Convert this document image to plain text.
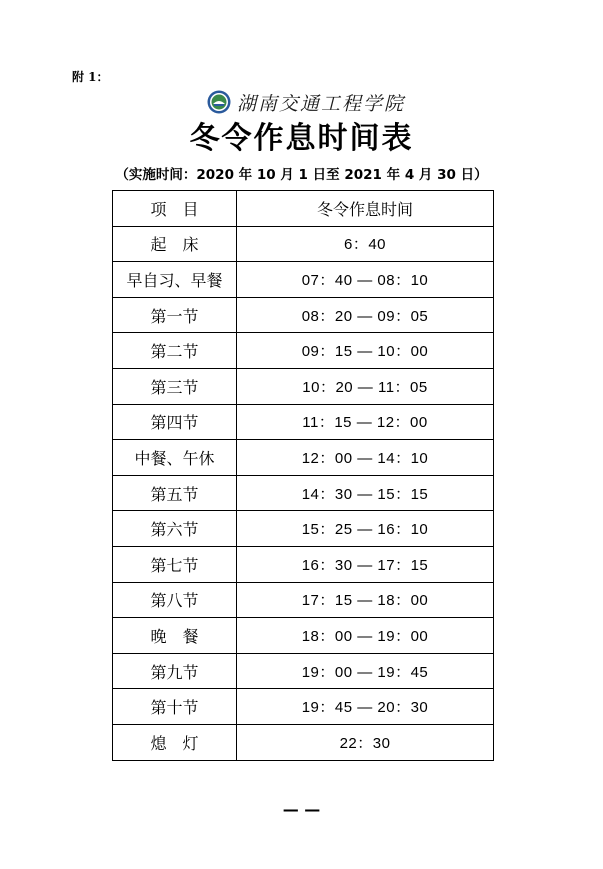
附 1：
湖南交通工程学院
冬令作息时间表
（实施时间：2020 年 10 月 1 日至 2021 年 4 月 30 日）
项　目	冬令作息时间
起　床	6：40
早自习、早餐	07：40 — 08：10
第一节	08：20 — 09：05
第二节	09：15 — 10：00
第三节	10：20 — 11：05
第四节	11：15 — 12：00
中餐、午休	12：00 — 14：10
第五节	14：30 — 15：15
第六节	15：25 — 16：10
第七节	16：30 — 17：15
第八节	17：15 — 18：00
晚　餐	18：00 — 19：00
第九节	19：00 — 19：45
第十节	19：45 — 20：30
熄　灯	22：30
— —
